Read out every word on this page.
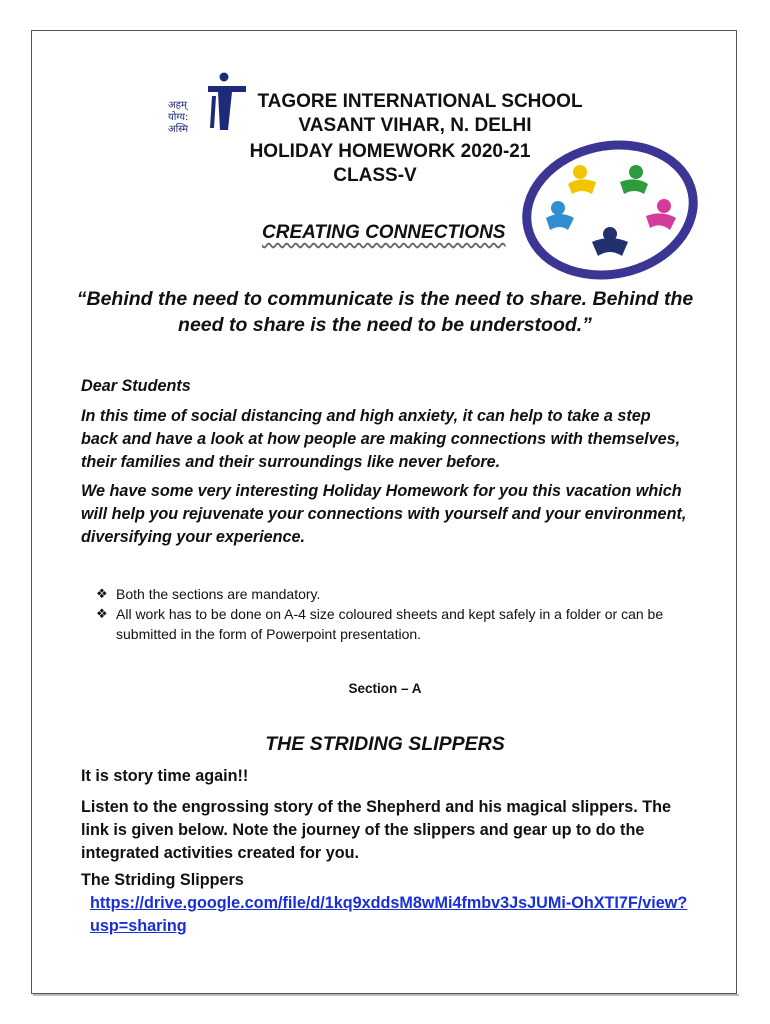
अहम्
योग्य:
अस्मि
TAGORE INTERNATIONAL SCHOOL
VASANT VIHAR, N. DELHI
HOLIDAY HOMEWORK 2020-21
CLASS-V
CREATING CONNECTIONS
“Behind the need to communicate is the need to share. Behind the need to share is the need to be understood.”
Dear Students
In this time of social distancing and high anxiety, it can help to take a step back and have a look at how people are making connections with themselves, their families and their surroundings like never before.
We have some very interesting Holiday Homework for you this vacation which will help you rejuvenate your connections with yourself and your environment, diversifying your experience.
❖ Both the sections are mandatory.
❖ All work has to be done on A-4 size coloured sheets and kept safely in a folder or can be submitted in the form of Powerpoint presentation.
Section – A
THE STRIDING SLIPPERS
It is story time again!!
Listen to the engrossing story of the Shepherd and his magical slippers. The link is given below. Note the journey of the slippers and gear up to do the integrated activities created for you.
The Striding Slippers
https://drive.google.com/file/d/1kq9xddsM8wMi4fmbv3JsJUMi-OhXTI7F/view?usp=sharing
